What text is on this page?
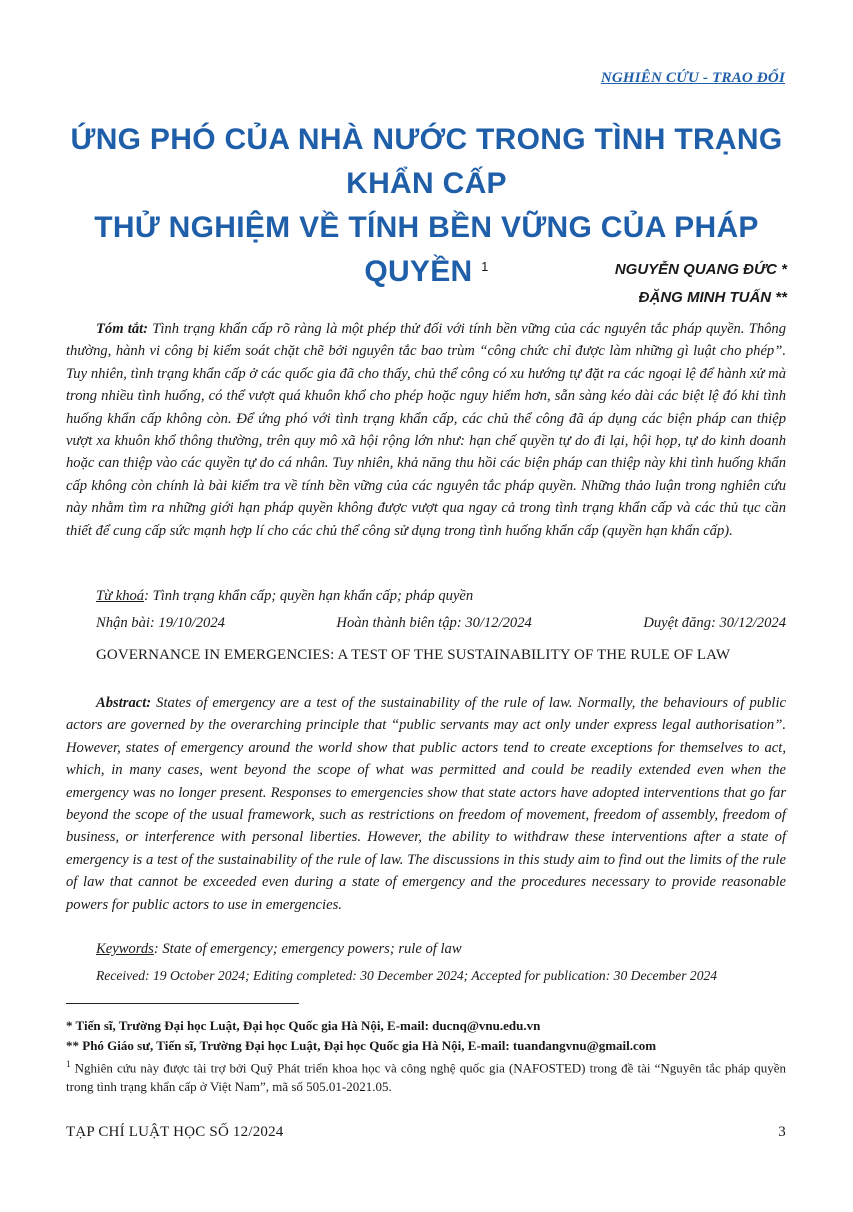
NGHIÊN CỨU - TRAO ĐỔI
ỨNG PHÓ CỦA NHÀ NƯỚC TRONG TÌNH TRẠNG KHẨN CẤP
THỬ NGHIỆM VỀ TÍNH BỀN VỮNG CỦA PHÁP QUYỀN $^1$	NGUYỄN QUANG ĐỨC *
ĐẶNG MINH TUẤN **
Tóm tắt: Tình trạng khẩn cấp rõ ràng là một phép thử đối với tính bền vững của các nguyên tắc pháp quyền. Thông thường, hành vi công bị kiểm soát chặt chẽ bởi nguyên tắc bao trùm “công chức chỉ được làm những gì luật cho phép”. Tuy nhiên, tình trạng khẩn cấp ở các quốc gia đã cho thấy, chủ thể công có xu hướng tự đặt ra các ngoại lệ để hành xử mà trong nhiều tình huống, có thể vượt quá khuôn khổ cho phép hoặc nguy hiểm hơn, sẵn sàng kéo dài các biệt lệ đó khi tình huống khẩn cấp không còn. Để ứng phó với tình trạng khẩn cấp, các chủ thể công đã áp dụng các biện pháp can thiệp vượt xa khuôn khổ thông thường, trên quy mô xã hội rộng lớn như: hạn chế quyền tự do đi lại, hội họp, tự do kinh doanh hoặc can thiệp vào các quyền tự do cá nhân. Tuy nhiên, khả năng thu hồi các biện pháp can thiệp này khi tình huống khẩn cấp không còn chính là bài kiểm tra về tính bền vững của các nguyên tắc pháp quyền. Những thảo luận trong nghiên cứu này nhằm tìm ra những giới hạn pháp quyền không được vượt qua ngay cả trong tình trạng khẩn cấp và các thủ tục cần thiết để cung cấp sức mạnh hợp lí cho các chủ thể công sử dụng trong tình huống khẩn cấp (quyền hạn khẩn cấp).
Từ khoá : Tình trạng khẩn cấp; quyền hạn khẩn cấp; pháp quyền
Nhận bài: 19/10/2024	Hoàn thành biên tập: 30/12/2024	Duyệt đăng: 30/12/2024
GOVERNANCE IN EMERGENCIES: A TEST OF THE SUSTAINABILITY OF THE RULE OF LAW
Abstract: States of emergency are a test of the sustainability of the rule of law. Normally, the behaviours of public actors are governed by the overarching principle that “public servants may act only under express legal authorisation”. However, states of emergency around the world show that public actors tend to create exceptions for themselves to act, which, in many cases, went beyond the scope of what was permitted and could be readily extended even when the emergency was no longer present. Responses to emergencies show that state actors have adopted interventions that go far beyond the scope of the usual framework, such as restrictions on freedom of movement, freedom of assembly, freedom of business, or interference with personal liberties. However, the ability to withdraw these interventions after a state of emergency is a test of the sustainability of the rule of law. The discussions in this study aim to find out the limits of the rule of law that cannot be exceeded even during a state of emergency and the procedures necessary to provide reasonable powers for public actors to use in emergencies.
Keywords : State of emergency; emergency powers; rule of law
Received: 19 October 2024; Editing completed: 30 December 2024; Accepted for publication: 30 December 2024
* Tiến sĩ, Trường Đại học Luật, Đại học Quốc gia Hà Nội, E-mail: ducnq@vnu.edu.vn
** Phó Giáo sư, Tiến sĩ, Trường Đại học Luật, Đại học Quốc gia Hà Nội, E-mail: tuandangvnu@gmail.com
$^1$ Nghiên cứu này được tài trợ bởi Quỹ Phát triển khoa học và công nghệ quốc gia (NAFOSTED) trong đề tài “Nguyên tắc pháp quyền trong tình trạng khẩn cấp ở Việt Nam”, mã số 505.01-2021.05.
TẠP CHÍ LUẬT HỌC SỐ 12/2024	3
